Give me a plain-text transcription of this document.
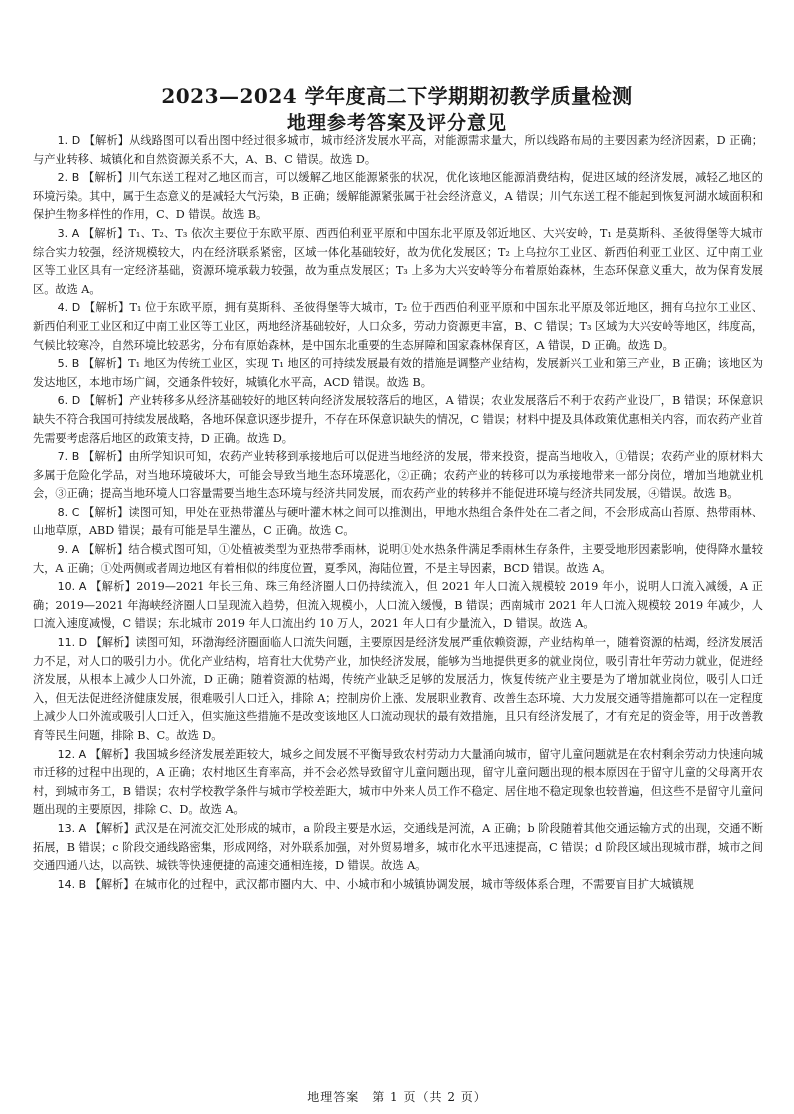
2023—2024 学年度高二下学期期初教学质量检测
地理参考答案及评分意见

1. D 【解析】从线路图可以看出图中经过很多城市，城市经济发展水平高，对能源需求量大，所以线路布局的主要因素为经济因素，D 正确；与产业转移、城镇化和自然资源关系不大，A、B、C 错误。故选 D。

2. B 【解析】川气东送工程对乙地区而言，可以缓解乙地区能源紧张的状况，优化该地区能源消费结构，促进区域的经济发展，减轻乙地区的环境污染。其中，属于生态意义的是减轻大气污染，B 正确；缓解能源紧张属于社会经济意义，A 错误；川气东送工程不能起到恢复河湖水域面积和保护生物多样性的作用，C、D 错误。故选 B。

3. A 【解析】T₁、T₂、T₃ 依次主要位于东欧平原、西西伯利亚平原和中国东北平原及邻近地区、大兴安岭，T₁ 是莫斯科、圣彼得堡等大城市综合实力较强，经济规模较大，内在经济联系紧密，区域一体化基础较好，故为优化发展区；T₂ 上乌拉尔工业区、新西伯利亚工业区、辽中南工业区等工业区具有一定经济基础，资源环境承载力较强，故为重点发展区；T₃ 上多为大兴安岭等分布着原始森林，生态环保意义重大，故为保育发展区。故选 A。

4. D 【解析】T₁ 位于东欧平原，拥有莫斯科、圣彼得堡等大城市，T₂ 位于西西伯利亚平原和中国东北平原及邻近地区，拥有乌拉尔工业区、新西伯利亚工业区和辽中南工业区等工业区，两地经济基础较好，人口众多，劳动力资源更丰富，B、C 错误；T₃ 区域为大兴安岭等地区，纬度高，气候比较寒冷，自然环境比较恶劣，分布有原始森林，是中国东北重要的生态屏障和国家森林保育区，A 错误，D 正确。故选 D。

5. B 【解析】T₁ 地区为传统工业区，实现 T₁ 地区的可持续发展最有效的措施是调整产业结构，发展新兴工业和第三产业，B 正确；该地区为发达地区，本地市场广阔，交通条件较好，城镇化水平高，ACD 错误。故选 B。

6. D 【解析】产业转移多从经济基础较好的地区转向经济发展较落后的地区，A 错误；农业发展落后不利于农药产业设厂，B 错误；环保意识缺失不符合我国可持续发展战略，各地环保意识逐步提升，不存在环保意识缺失的情况，C 错误；材料中提及具体政策优惠相关内容，而农药产业首先需要考虑落后地区的政策支持，D 正确。故选 D。

7. B 【解析】由所学知识可知，农药产业转移到承接地后可以促进当地经济的发展，带来投资，提高当地收入，①错误；农药产业的原材料大多属于危险化学品，对当地环境破坏大，可能会导致当地生态环境恶化，②正确；农药产业的转移可以为承接地带来一部分岗位，增加当地就业机会，③正确；提高当地环境人口容量需要当地生态环境与经济共同发展，而农药产业的转移并不能促进环境与经济共同发展，④错误。故选 B。

8. C 【解析】读图可知，甲处在亚热带灌丛与硬叶灌木林之间可以推测出，甲地水热组合条件处在二者之间，不会形成高山苔原、热带雨林、山地草原，ABD 错误；最有可能是旱生灌丛，C 正确。故选 C。

9. A 【解析】结合模式图可知，①处植被类型为亚热带季雨林，说明①处水热条件满足季雨林生存条件，主要受地形因素影响，使得降水量较大，A 正确；①处两侧或者周边地区有着相似的纬度位置，夏季风，海陆位置，不是主导因素，BCD 错误。故选 A。

10. A 【解析】2019—2021 年长三角、珠三角经济圈人口仍持续流入，但 2021 年人口流入规模较 2019 年小，说明人口流入减缓，A 正确；2019—2021 年海峡经济圈人口呈现流入趋势，但流入规模小，人口流入缓慢，B 错误；西南城市 2021 年人口流入规模较 2019 年减少，人口流入速度减慢，C 错误；东北城市 2019 年人口流出约 10 万人，2021 年人口有少量流入，D 错误。故选 A。

11. D 【解析】读图可知，环渤海经济圈面临人口流失问题，主要原因是经济发展严重依赖资源，产业结构单一，随着资源的枯竭，经济发展活力不足，对人口的吸引力小。优化产业结构，培育壮大优势产业，加快经济发展，能够为当地提供更多的就业岗位，吸引青壮年劳动力就业，促进经济发展，从根本上减少人口外流，D 正确；随着资源的枯竭，传统产业缺乏足够的发展活力，恢复传统产业主要是为了增加就业岗位，吸引人口迁入，但无法促进经济健康发展，很难吸引人口迁入，排除 A；控制房价上涨、发展职业教育、改善生态环境、大力发展交通等措施都可以在一定程度上减少人口外流或吸引人口迁入，但实施这些措施不是改变该地区人口流动现状的最有效措施，且只有经济发展了，才有充足的资金等，用于改善教育等民生问题，排除 B、C。故选 D。

12. A 【解析】我国城乡经济发展差距较大，城乡之间发展不平衡导致农村劳动力大量涌向城市，留守儿童问题就是在农村剩余劳动力快速向城市迁移的过程中出现的，A 正确；农村地区生育率高，并不会必然导致留守儿童问题出现，留守儿童问题出现的根本原因在于留守儿童的父母离开农村，到城市务工，B 错误；农村学校教学条件与城市学校差距大，城市中外来人员工作不稳定、居住地不稳定现象也较普遍，但这些不是留守儿童问题出现的主要原因，排除 C、D。故选 A。

13. A 【解析】武汉是在河流交汇处形成的城市，a 阶段主要是水运，交通线是河流，A 正确；b 阶段随着其他交通运输方式的出现，交通不断拓展，B 错误；c 阶段交通线路密集，形成网络，对外联系加强，对外贸易增多，城市化水平迅速提高，C 错误；d 阶段区域出现城市群，城市之间交通四通八达，以高铁、城铁等快速便捷的高速交通相连接，D 错误。故选 A。

14. B 【解析】在城市化的过程中，武汉都市圈内大、中、小城市和小城镇协调发展，城市等级体系合理，不需要盲目扩大城镇规

地理答案　第 1 页（共 2 页）
